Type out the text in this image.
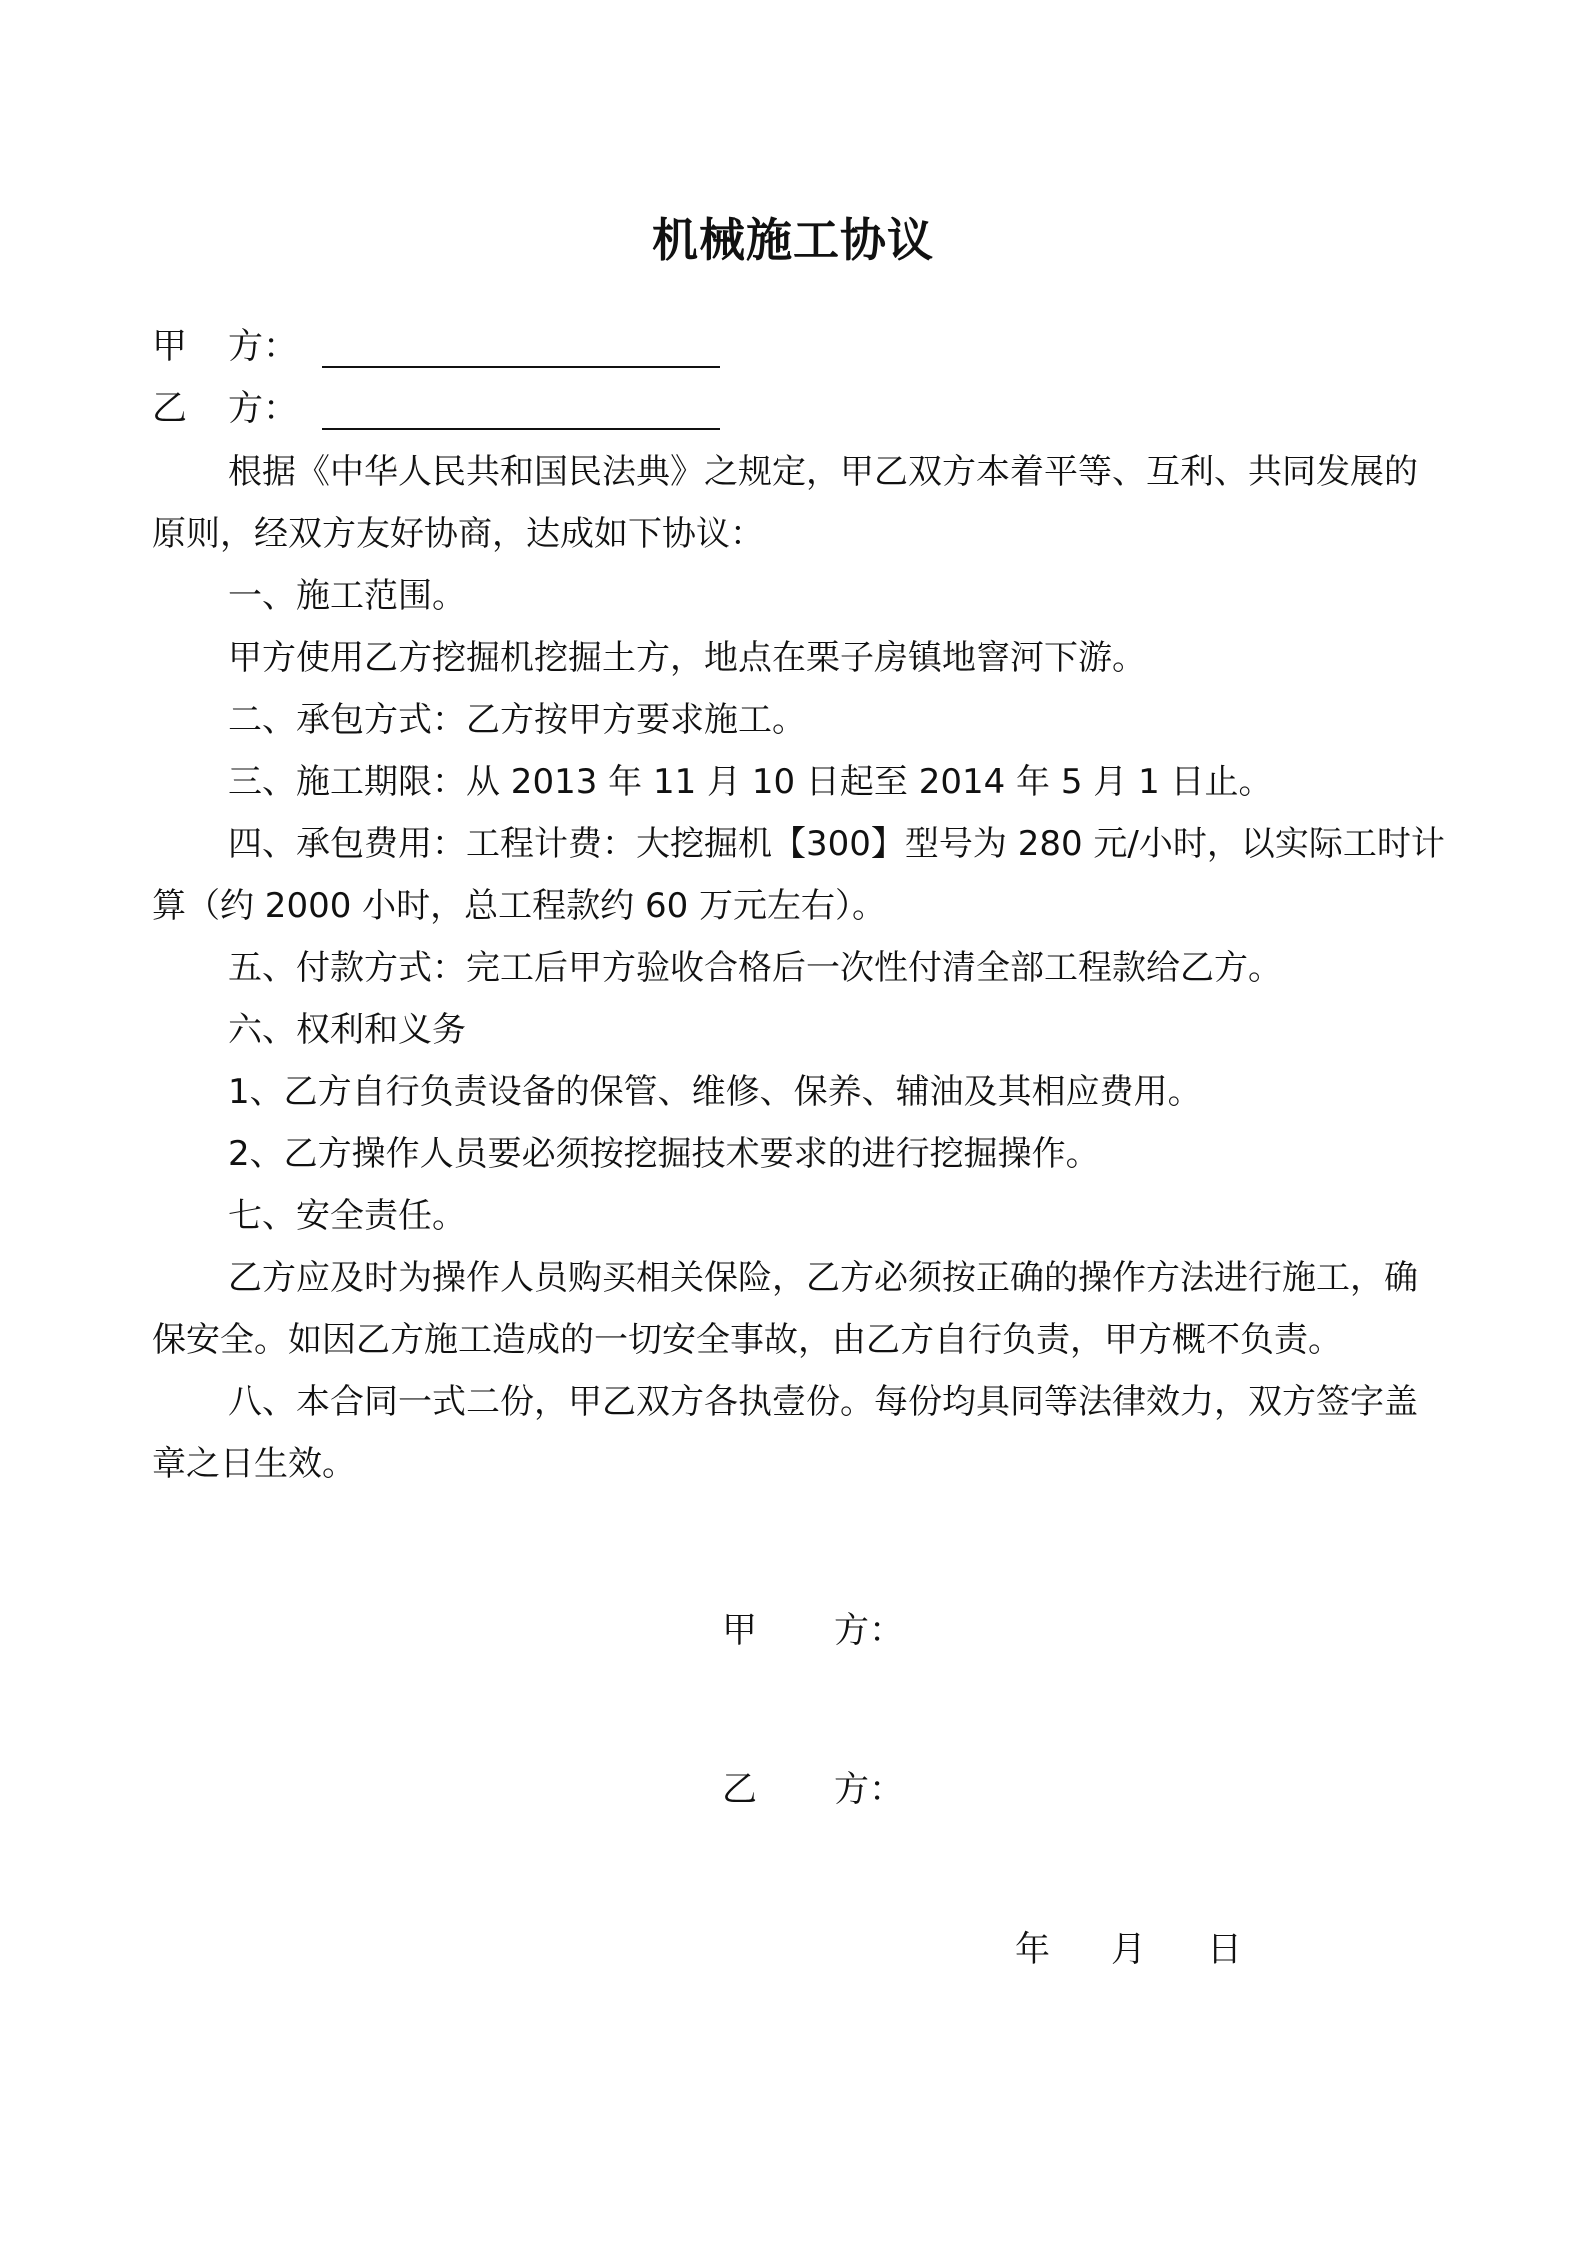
机械施工协议
甲 方：
乙 方：

根据《中华人民共和国民法典》之规定，甲乙双方本着平等、互利、共同发展的原则，经双方友好协商，达成如下协议：

一、施工范围。

甲方使用乙方挖掘机挖掘土方，地点在栗子房镇地窨河下游。

二、承包方式：乙方按甲方要求施工。

三、施工期限：从 2013 年 11 月 10 日起至 2014 年 5 月 1 日止。

四、承包费用：工程计费：大挖掘机【300】型号为 280 元/小时，以实际工时计算（约 2000 小时，总工程款约 60 万元左右）。

五、付款方式：完工后甲方验收合格后一次性付清全部工程款给乙方。

六、权利和义务

1、乙方自行负责设备的保管、维修、保养、辅油及其相应费用。

2、乙方操作人员要必须按挖掘技术要求的进行挖掘操作。

七、安全责任。

乙方应及时为操作人员购买相关保险，乙方必须按正确的操作方法进行施工，确保安全。如因乙方施工造成的一切安全事故，由乙方自行负责，甲方概不负责。

八、本合同一式二份，甲乙双方各执壹份。每份均具同等法律效力，双方签字盖章之日生效。

甲 方：
乙 方：
年 月 日
